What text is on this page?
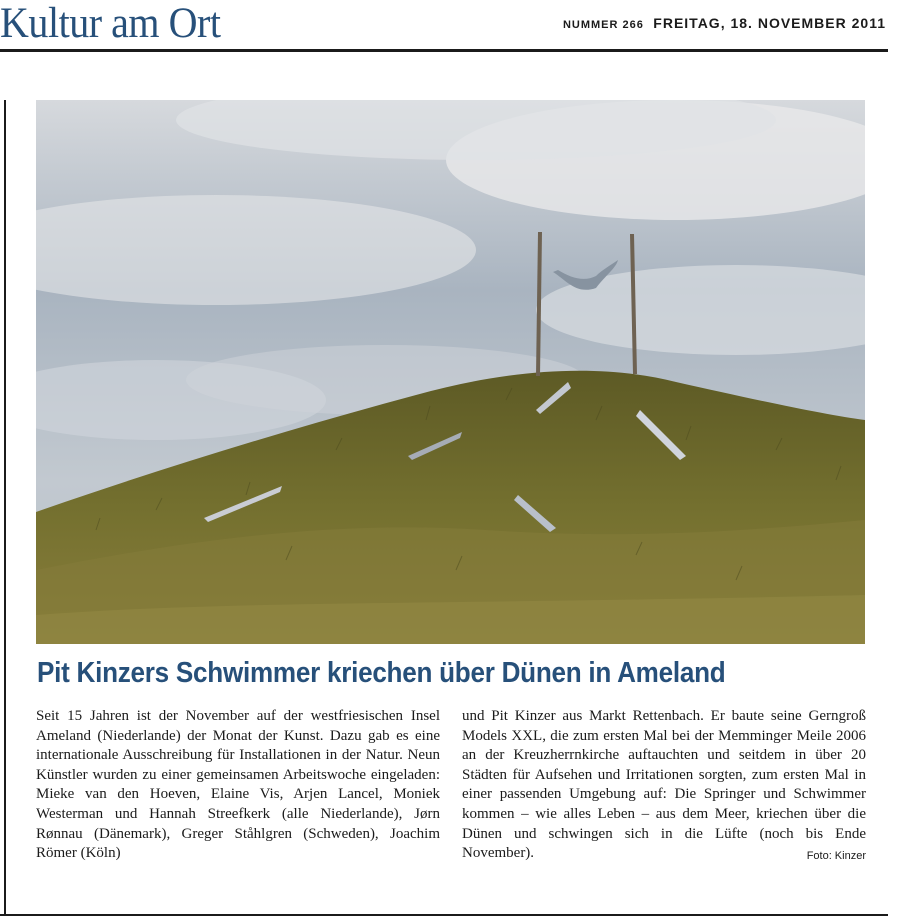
Kultur am Ort	NUMMER 266 FREITAG, 18. NOVEMBER 2011
Pit Kinzers Schwimmer kriechen über Dünen in Ameland

Seit 15 Jahren ist der November auf der westfriesischen Insel Ameland (Niederlande) der Monat der Kunst. Dazu gab es eine internationale Ausschreibung für Installationen in der Natur. Neun Künstler wurden zu einer gemeinsamen Arbeitswoche eingeladen: Mieke van den Hoeven, Elaine Vis, Arjen Lancel, Moniek Westerman und Hannah Streefkerk (alle Niederlande), Jørn Rønnau (Dänemark), Greger Ståhlgren (Schweden), Joachim Römer (Köln)

und Pit Kinzer aus Markt Rettenbach. Er baute seine Gerngroß Models XXL, die zum ersten Mal bei der Memminger Meile 2006 an der Kreuzherrnkirche auftauchten und seitdem in über 20 Städten für Aufsehen und Irritationen sorgten, zum ersten Mal in einer passenden Umgebung auf: Die Springer und Schwimmer kommen – wie alles Leben – aus dem Meer, kriechen über die Dünen und schwingen sich in die Lüfte (noch bis Ende November).	Foto: Kinzer
